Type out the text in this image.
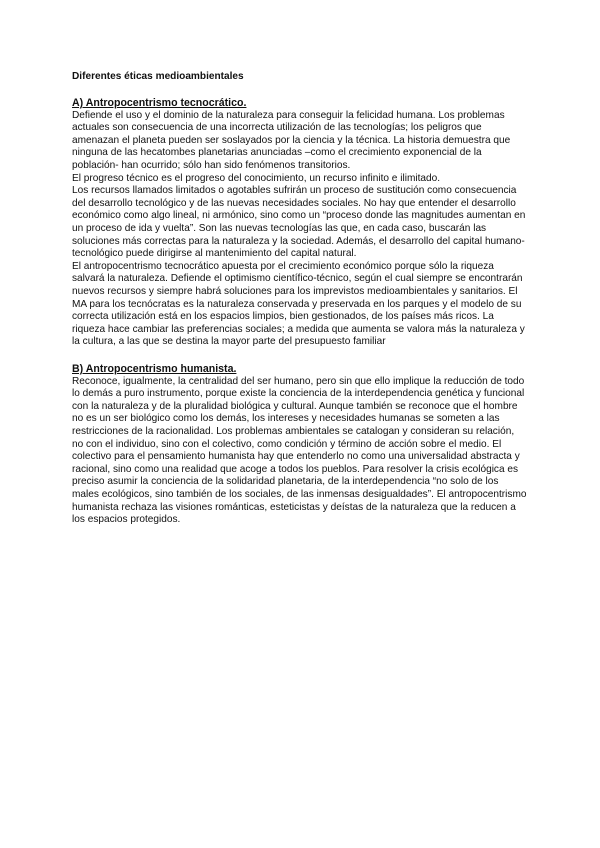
Diferentes éticas medioambientales

A) Antropocentrismo tecnocrático.

Defiende el uso y el dominio de la naturaleza para conseguir la felicidad humana. Los problemas actuales son consecuencia de una incorrecta utilización de las tecnologías; los peligros que amenazan el planeta pueden ser soslayados por la ciencia y la técnica. La historia demuestra que ninguna de las hecatombes planetarias anunciadas –como el crecimiento exponencial de la población- han ocurrido; sólo han sido fenómenos transitorios.

El progreso técnico es el progreso del conocimiento, un recurso infinito e ilimitado.

Los recursos llamados limitados o agotables sufrirán un proceso de sustitución como consecuencia del desarrollo tecnológico y de las nuevas necesidades sociales. No hay que entender el desarrollo económico como algo lineal, ni armónico, sino como un “proceso donde las magnitudes aumentan en un proceso de ida y vuelta”. Son las nuevas tecnologías las que, en cada caso, buscarán las soluciones más correctas para la naturaleza y la sociedad. Además, el desarrollo del capital humano-tecnológico puede dirigirse al mantenimiento del capital natural.

El antropocentrismo tecnocrático apuesta por el crecimiento económico porque sólo la riqueza salvará la naturaleza. Defiende el optimismo científico-técnico, según el cual siempre se encontrarán nuevos recursos y siempre habrá soluciones para los imprevistos medioambientales y sanitarios. El MA para los tecnócratas es la naturaleza conservada y preservada en los parques y el modelo de su correcta utilización está en los espacios limpios, bien gestionados, de los países más ricos. La riqueza hace cambiar las preferencias sociales; a medida que aumenta se valora más la naturaleza y la cultura, a las que se destina la mayor parte del presupuesto familiar

B) Antropocentrismo humanista.

Reconoce, igualmente, la centralidad del ser humano, pero sin que ello implique la reducción de todo lo demás a puro instrumento, porque existe la conciencia de la interdependencia genética y funcional con la naturaleza y de la pluralidad biológica y cultural. Aunque también se reconoce que el hombre no es un ser biológico como los demás, los intereses y necesidades humanas se someten a las restricciones de la racionalidad. Los problemas ambientales se catalogan y consideran su relación, no con el individuo, sino con el colectivo, como condición y término de acción sobre el medio. El colectivo para el pensamiento humanista hay que entenderlo no como una universalidad abstracta y racional, sino como una realidad que acoge a todos los pueblos. Para resolver la crisis ecológica es preciso asumir la conciencia de la solidaridad planetaria, de la interdependencia “no solo de los males ecológicos, sino también de los sociales, de las inmensas desigualdades”. El antropocentrismo humanista rechaza las visiones románticas, esteticistas y deístas de la naturaleza que la reducen a los espacios protegidos.
